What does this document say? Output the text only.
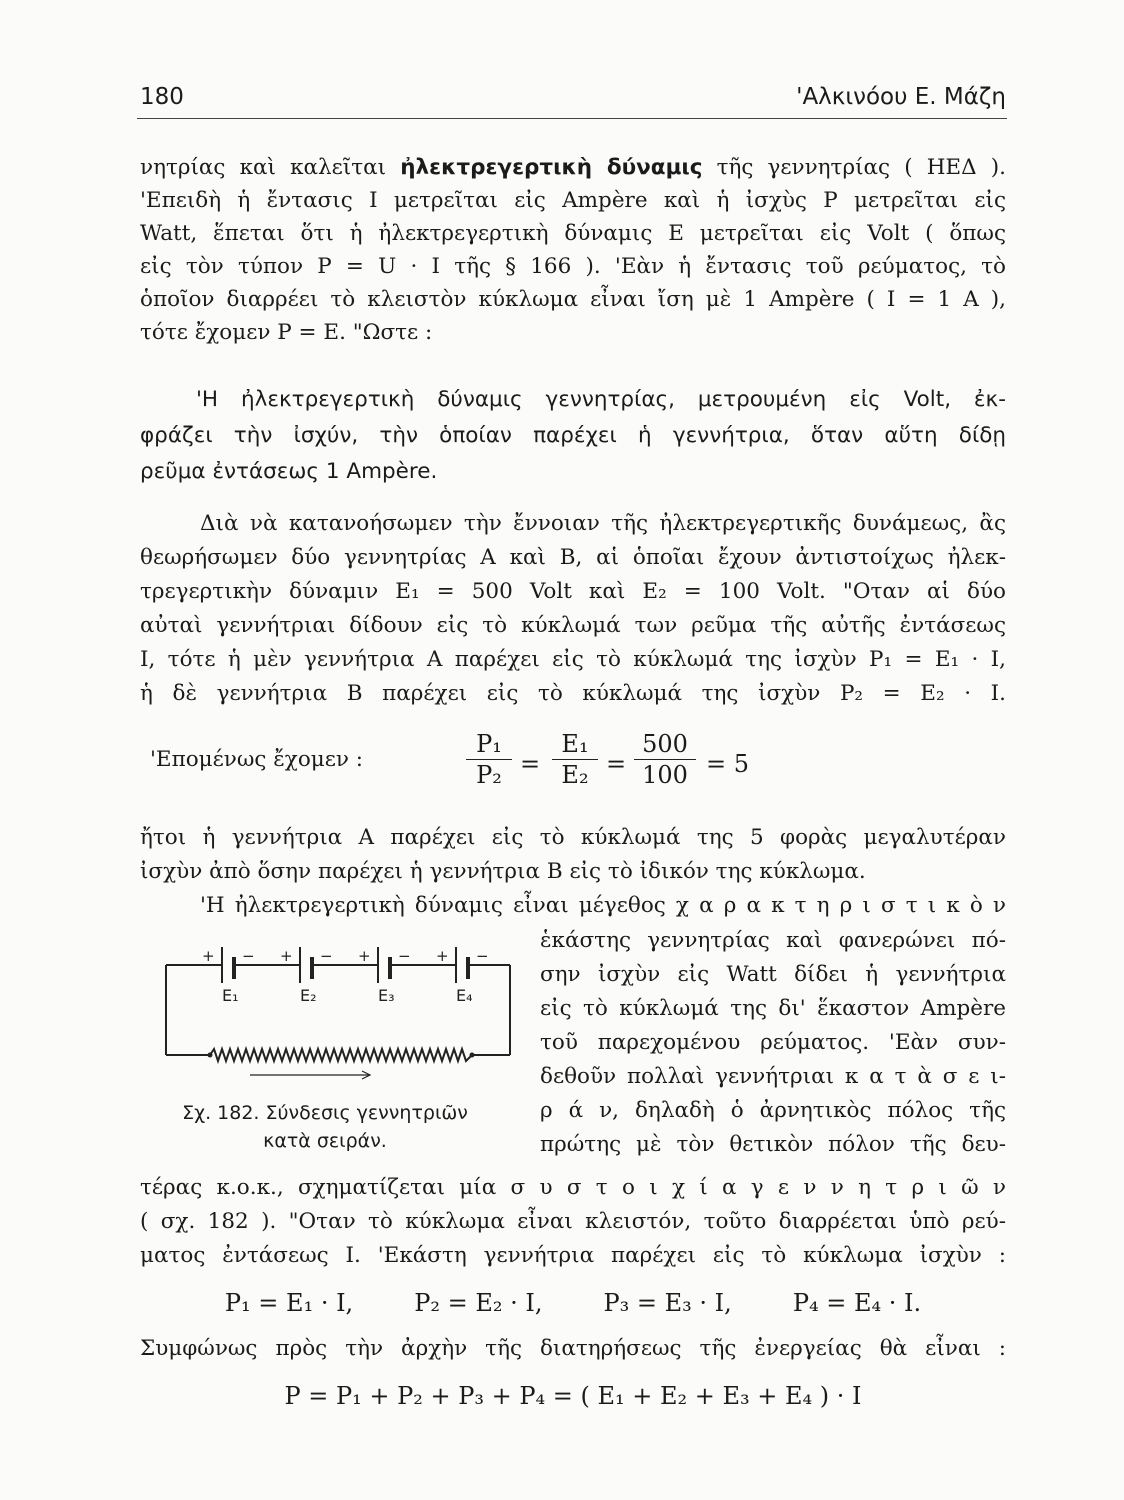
180	'Αλκινόου Ε. Μάζη
νητρίας καὶ καλεῖται ἠλεκτρεγερτικὴ δύναμις τῆς γεννητρίας ( ΗΕΔ ).
'Επειδὴ ἡ ἔντασις Ι μετρεῖται εἰς Ampère καὶ ἡ ἰσχὺς Ρ μετρεῖται εἰς
Watt, ἕπεται ὅτι ἡ ἠλεκτρεγερτικὴ δύναμις Ε μετρεῖται εἰς Volt ( ὅπως
εἰς τὸν τύπον Ρ = U · Ι τῆς § 166 ). 'Εὰν ἡ ἔντασις τοῦ ρεύματος, τὸ
ὁποῖον διαρρέει τὸ κλειστὸν κύκλωμα εἶναι ἴση μὲ 1 Ampère ( Ι = 1 Α ),
τότε ἔχομεν Ρ = Ε. "Ωστε :
'Η ἠλεκτρεγερτικὴ δύναμις γεννητρίας, μετρουμένη εἰς Volt, ἐκ-
φράζει τὴν ἰσχύν, τὴν ὁποίαν παρέχει ἡ γεννήτρια, ὅταν αὕτη δίδῃ
ρεῦμα ἐντάσεως 1 Ampère.
Διὰ νὰ κατανοήσωμεν τὴν ἔννοιαν τῆς ἠλεκτρεγερτικῆς δυνάμεως, ἂς
θεωρήσωμεν δύο γεννητρίας Α καὶ Β, αἱ ὁποῖαι ἔχουν ἀντιστοίχως ἠλεκ-
τρεγερτικὴν δύναμιν Ε₁ = 500 Volt καὶ Ε₂ = 100 Volt. "Οταν αἱ δύο
αὐταὶ γεννήτριαι δίδουν εἰς τὸ κύκλωμά των ρεῦμα τῆς αὐτῆς ἐντάσεως
Ι, τότε ἡ μὲν γεννήτρια Α παρέχει εἰς τὸ κύκλωμά της ἰσχὺν Ρ₁ = Ε₁ · Ι,
ἡ δὲ γεννήτρια Β παρέχει εἰς τὸ κύκλωμά της ἰσχὺν Ρ₂ = Ε₂ · Ι.
'Επομένως ἔχομεν :	$\frac{\text{Ρ₁}}{\text{Ρ₂}} = \frac{\text{Ε₁}}{\text{Ε₂}} = \frac{500}{100} = 5$
ἤτοι ἡ γεννήτρια Α παρέχει εἰς τὸ κύκλωμά της 5 φορὰς μεγαλυτέραν
ἰσχὺν ἀπὸ ὅσην παρέχει ἡ γεννήτρια Β εἰς τὸ ἰδικόν της κύκλωμα.
'Η ἠλεκτρεγερτικὴ δύναμις εἶναι μέγεθος χ α ρ α κ τ η ρ ι σ τ ι κ ὸ ν
ἑκάστης γεννητρίας καὶ φανερώνει πό-
σην ἰσχὺν εἰς Watt δίδει ἡ γεννήτρια
εἰς τὸ κύκλωμά της δι' ἕκαστον Ampère
τοῦ παρεχομένου ρεύματος. 'Εὰν συν-
δεθοῦν πολλαὶ γεννήτριαι κ α τ ὰ σ ε ι-
ρ ά ν, δηλαδὴ ὁ ἀρνητικὸς πόλος τῆς
πρώτης μὲ τὸν θετικὸν πόλον τῆς δευ-
+ − + − + − + −
Ε₁	Ε₂	Ε₃	Ε₄
Σχ. 182. Σύνδεσις γεννητριῶν
κατὰ σειράν.
τέρας κ.ο.κ., σχηματίζεται μία σ υ σ τ ο ι χ ί α γ ε ν ν η τ ρ ι ῶ ν
( σχ. 182 ). "Οταν τὸ κύκλωμα εἶναι κλειστόν, τοῦτο διαρρέεται ὑπὸ ρεύ-
ματος ἐντάσεως Ι. 'Εκάστη γεννήτρια παρέχει εἰς τὸ κύκλωμα ἰσχὺν :
Ρ₁ = Ε₁ · Ι,        Ρ₂ = Ε₂ · Ι,        Ρ₃ = Ε₃ · Ι,        Ρ₄ = Ε₄ · Ι.
Συμφώνως πρὸς τὴν ἀρχὴν τῆς διατηρήσεως τῆς ἐνεργείας θὰ εἶναι :
Ρ = Ρ₁ + Ρ₂ + Ρ₃ + Ρ₄ = ( Ε₁ + Ε₂ + Ε₃ + Ε₄ ) · Ι
